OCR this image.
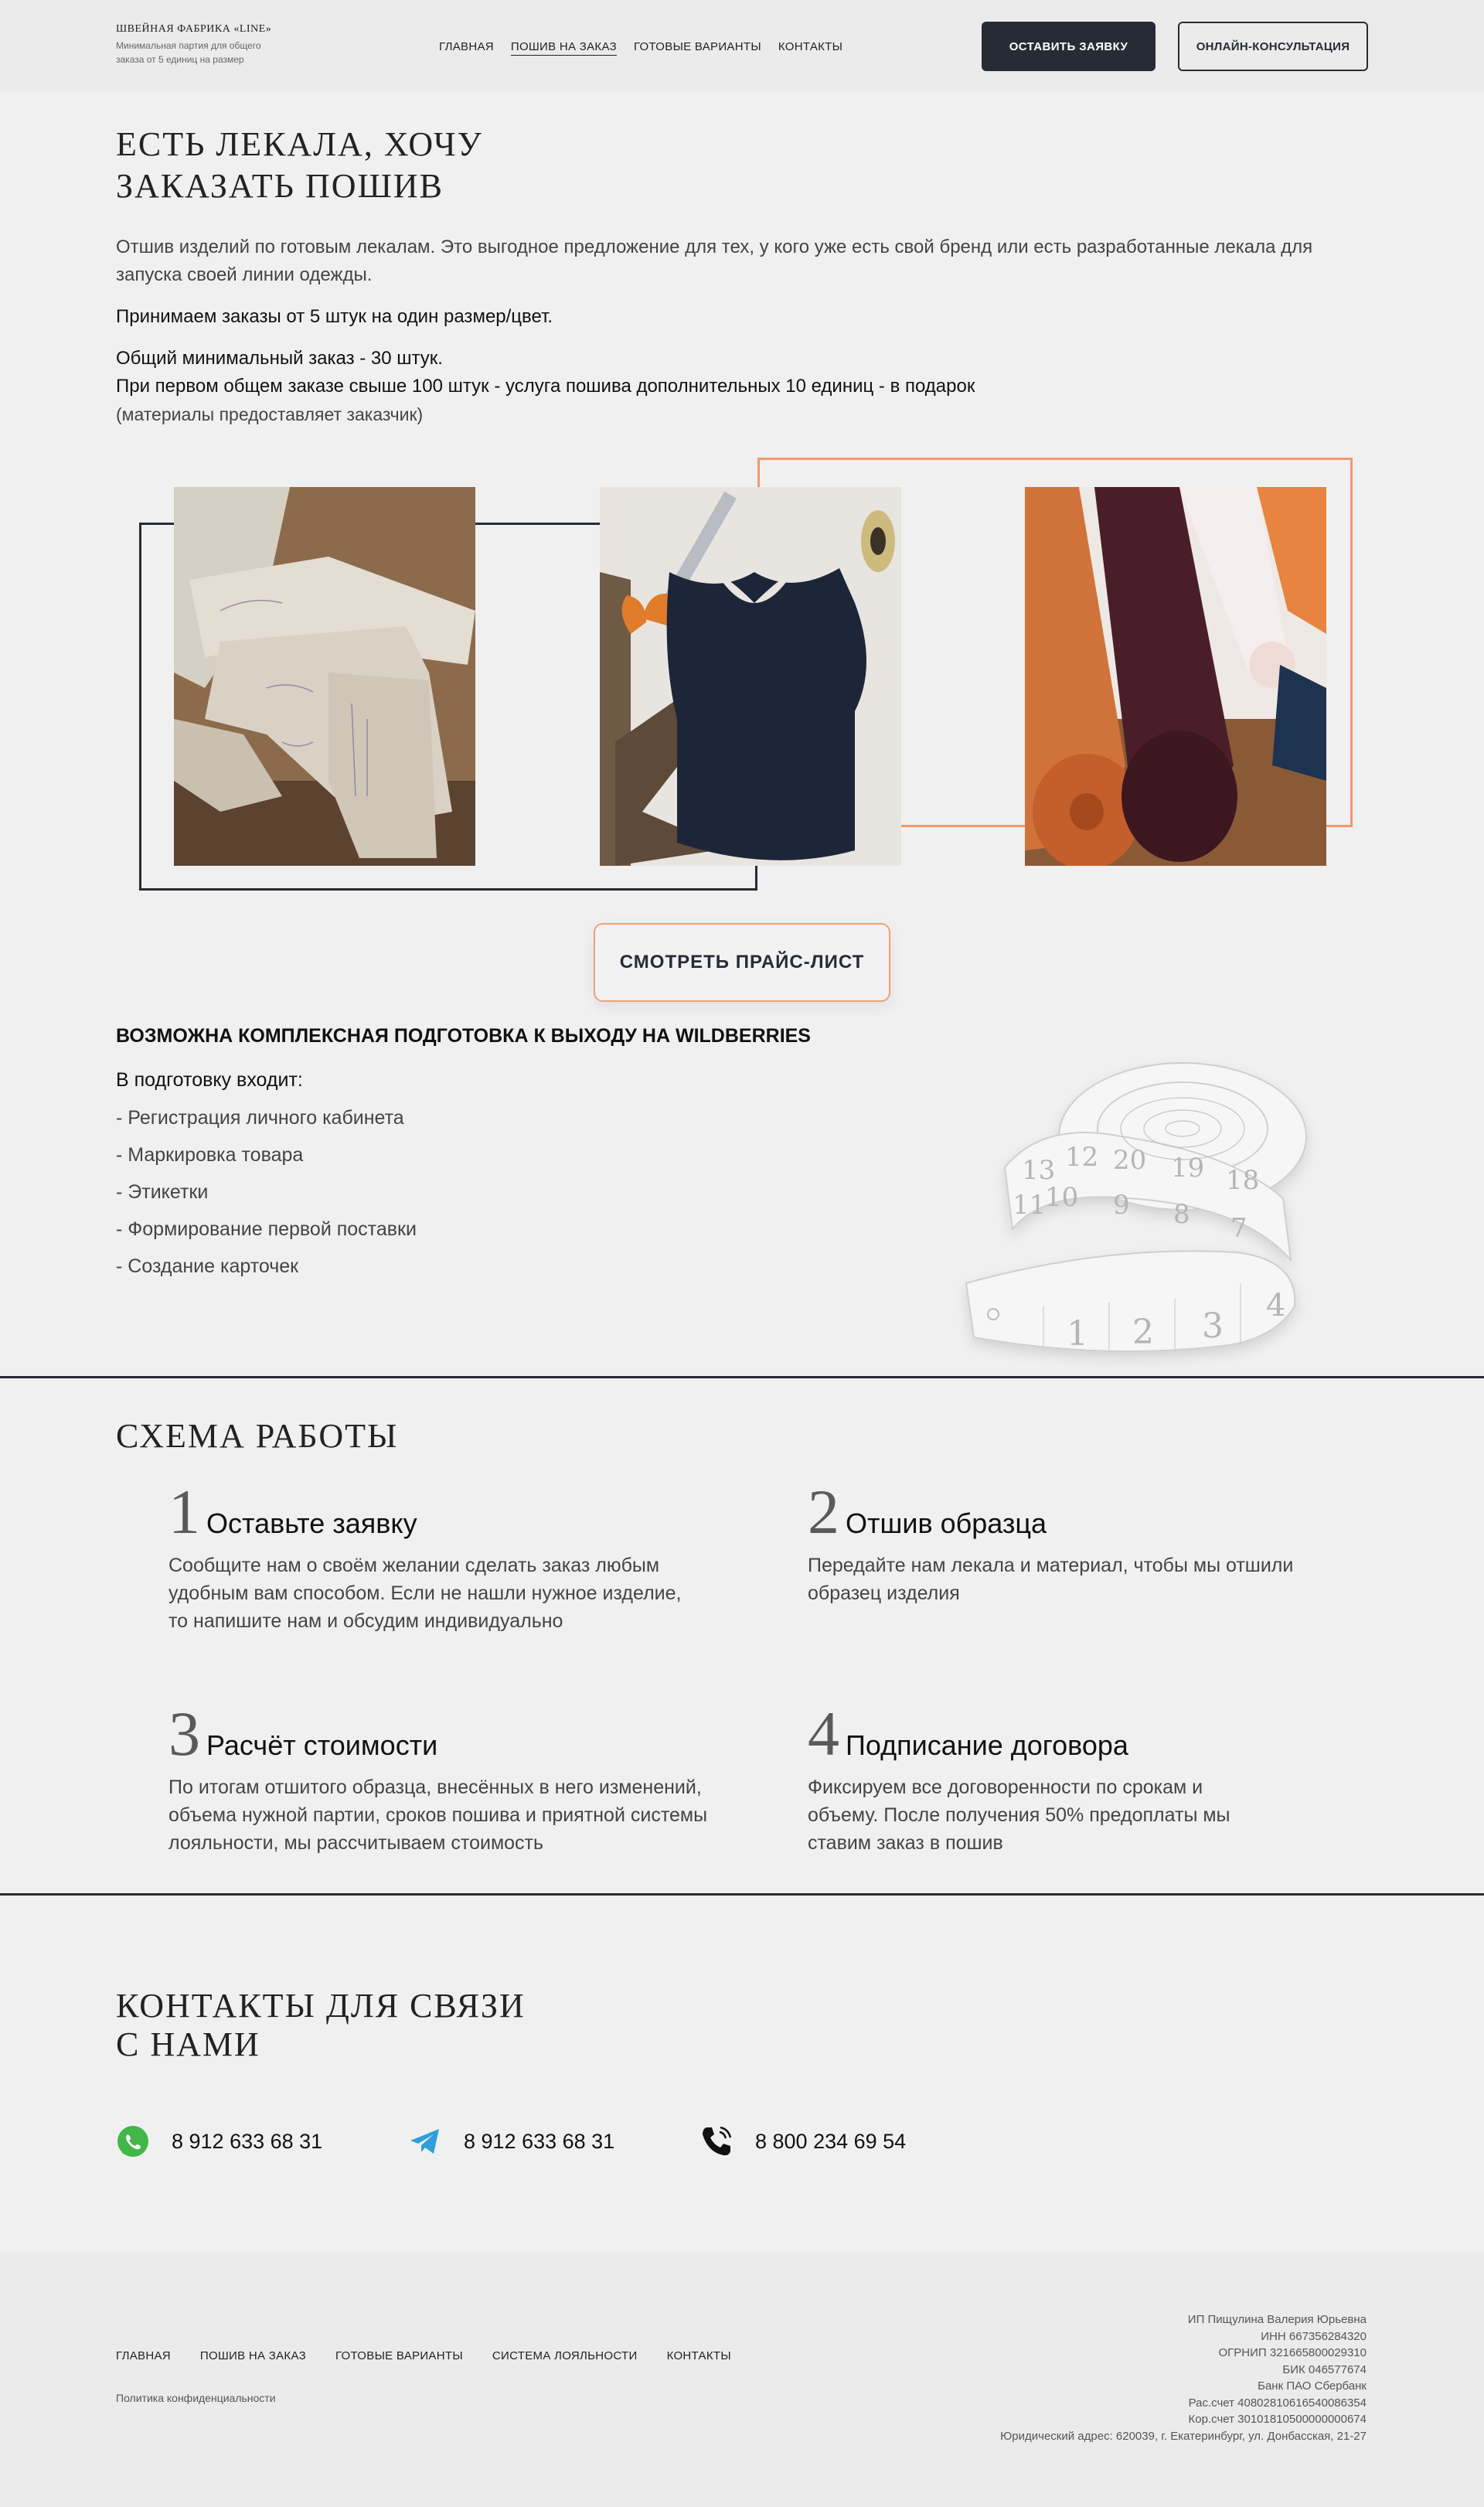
ШВЕЙНАЯ ФАБРИКА «LINE»
Минимальная партия для общего
заказа от 5 единиц на размер
ГЛАВНАЯ ПОШИВ НА ЗАКАЗ ГОТОВЫЕ ВАРИАНТЫ КОНТАКТЫ	ОСТАВИТЬ ЗАЯВКУ	ОНЛАЙН-КОНСУЛЬТАЦИЯ
ЕСТЬ ЛЕКАЛА, ХОЧУ
ЗАКАЗАТЬ ПОШИВ

Отшив изделий по готовым лекалам. Это выгодное предложение для тех, у кого уже есть свой бренд или есть разработанные лекала для запуска своей линии одежды.

Принимаем заказы от 5 штук на один размер/цвет.

Общий минимальный заказ - 30 штук.

При первом общем заказе свыше 100 штук - услуга пошива дополнительных 10 единиц - в подарок

(материалы предоставляет заказчик)

СМОТРЕТЬ ПРАЙС-ЛИСТ
ВОЗМОЖНА КОМПЛЕКСНАЯ ПОДГОТОВКА К ВЫХОДУ НА WILDBERRIES
В подготовку входит:
- Регистрация личного кабинета
- Маркировка товара
- Этикетки
- Формирование первой поставки
- Создание карточек
13 12 20 19 18
11
10 9 8 7
1 2 3
4
СХЕМА РАБОТЫ
1 Оставьте заявку
Сообщите нам о своём желании сделать заказ любым удобным вам способом. Если не нашли нужное изделие, то напишите нам и обсудим индивидуально
2 Отшив образца
Передайте нам лекала и материал, чтобы мы отшили образец изделия
3 Расчёт стоимости
По итогам отшитого образца, внесённых в него изменений, объема нужной партии, сроков пошива и приятной системы лояльности, мы рассчитываем стоимость
4 Подписание договора
Фиксируем все договоренности по срокам и объему. После получения 50% предоплаты мы ставим заказ в пошив
КОНТАКТЫ ДЛЯ СВЯЗИ
С НАМИ
8 912 633 68 31	8 912 633 68 31	8 800 234 69 54
ГЛАВНАЯ	ПОШИВ НА ЗАКАЗ	ГОТОВЫЕ ВАРИАНТЫ	СИСТЕМА ЛОЯЛЬНОСТИ	КОНТАКТЫ
Политика конфиденциальности
ИП Пищулина Валерия Юрьевна
ИНН 667356284320
ОГРНИП 321665800029310
БИК 046577674
Банк ПАО Сбербанк
Рас.счет 40802810616540086354
Кор.счет 30101810500000000674
Юридический адрес: 620039, г. Екатеринбург, ул. Донбасская, 21-27
